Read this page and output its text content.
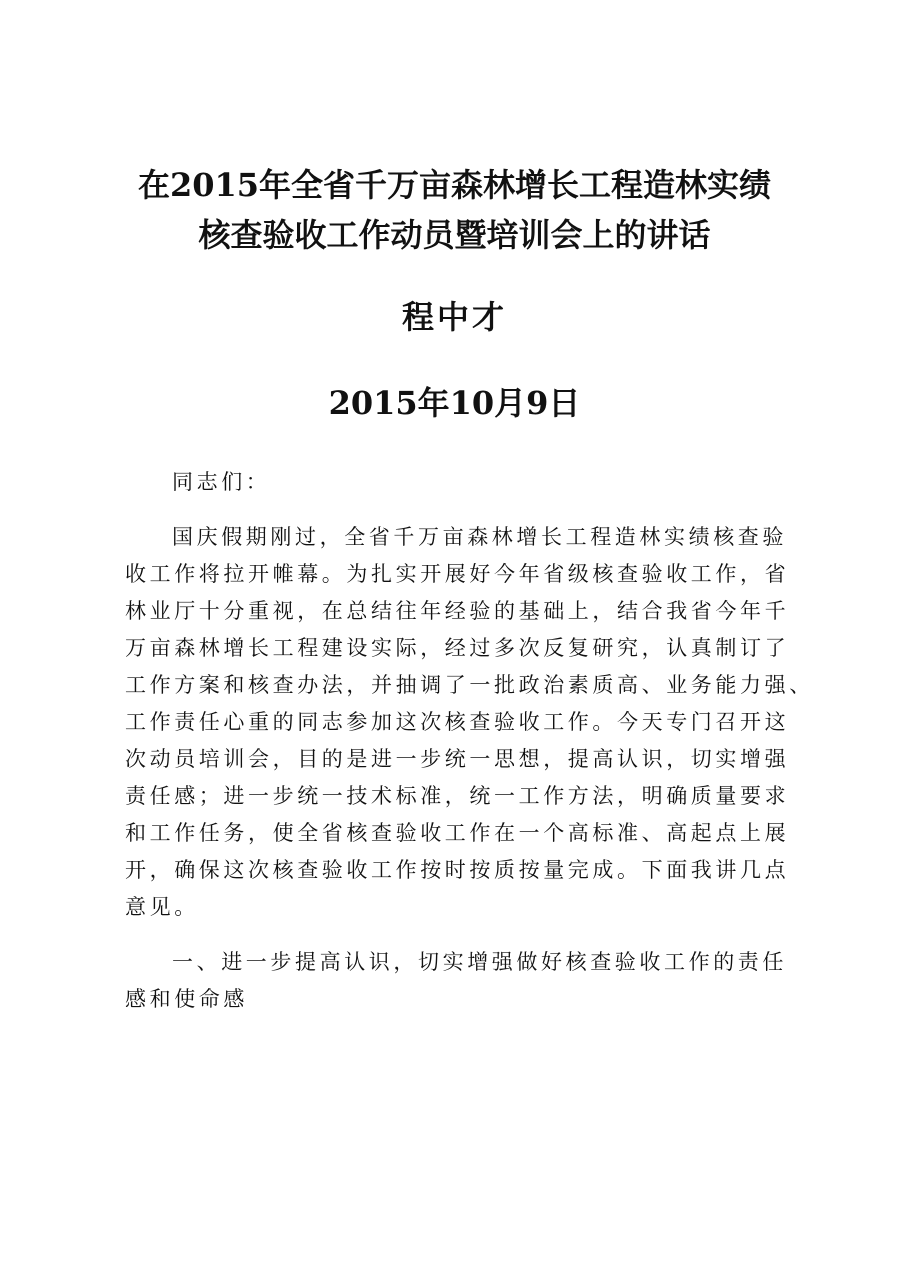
在2015年全省千万亩森林增长工程造林实绩
核查验收工作动员暨培训会上的讲话
程中才
2015年10月9日

同志们：

国庆假期刚过，全省千万亩森林增长工程造林实绩核查验

收工作将拉开帷幕。为扎实开展好今年省级核查验收工作，省

林业厅十分重视，在总结往年经验的基础上，结合我省今年千

万亩森林增长工程建设实际，经过多次反复研究，认真制订了

工作方案和核查办法，并抽调了一批政治素质高、业务能力强、

工作责任心重的同志参加这次核查验收工作。今天专门召开这

次动员培训会，目的是进一步统一思想，提高认识，切实增强

责任感；进一步统一技术标准，统一工作方法，明确质量要求

和工作任务，使全省核查验收工作在一个高标准、高起点上展

开，确保这次核查验收工作按时按质按量完成。下面我讲几点

意见。

一、进一步提高认识，切实增强做好核查验收工作的责任

感和使命感
